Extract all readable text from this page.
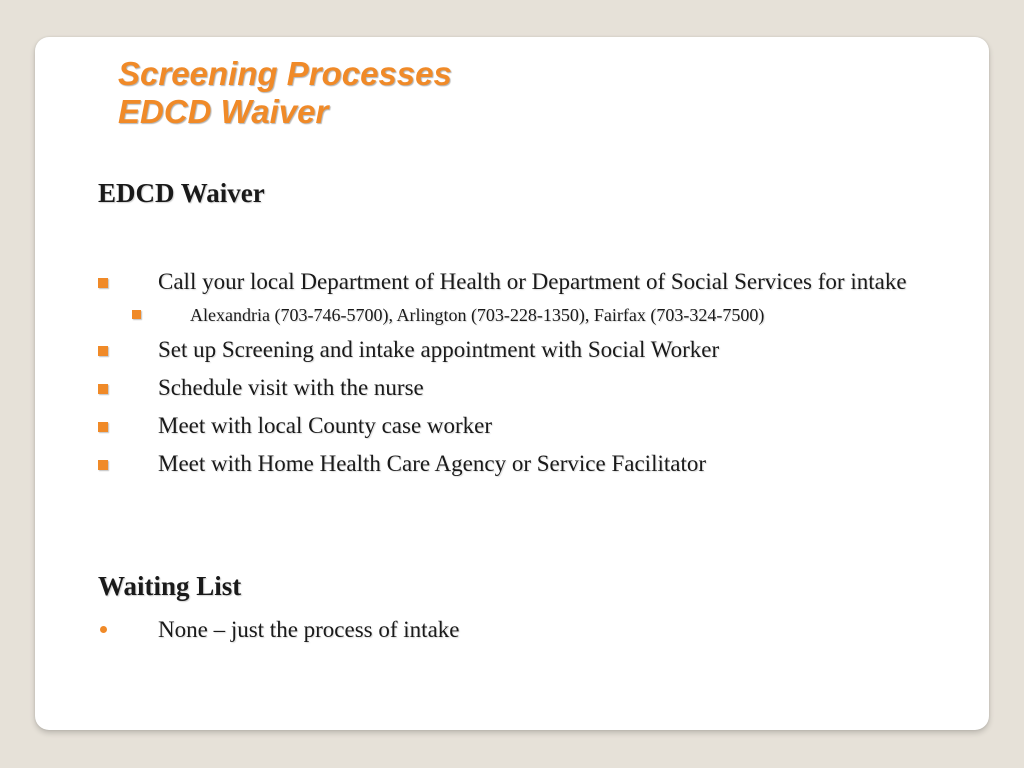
Screening Processes
EDCD Waiver
EDCD Waiver
Call your local Department of Health or Department of Social Services for intake
Alexandria (703-746-5700), Arlington (703-228-1350), Fairfax (703-324-7500)
Set up Screening and intake appointment with Social Worker
Schedule visit with the nurse
Meet with local County case worker
Meet with Home Health Care Agency or Service Facilitator
Waiting List
None – just the process of intake
